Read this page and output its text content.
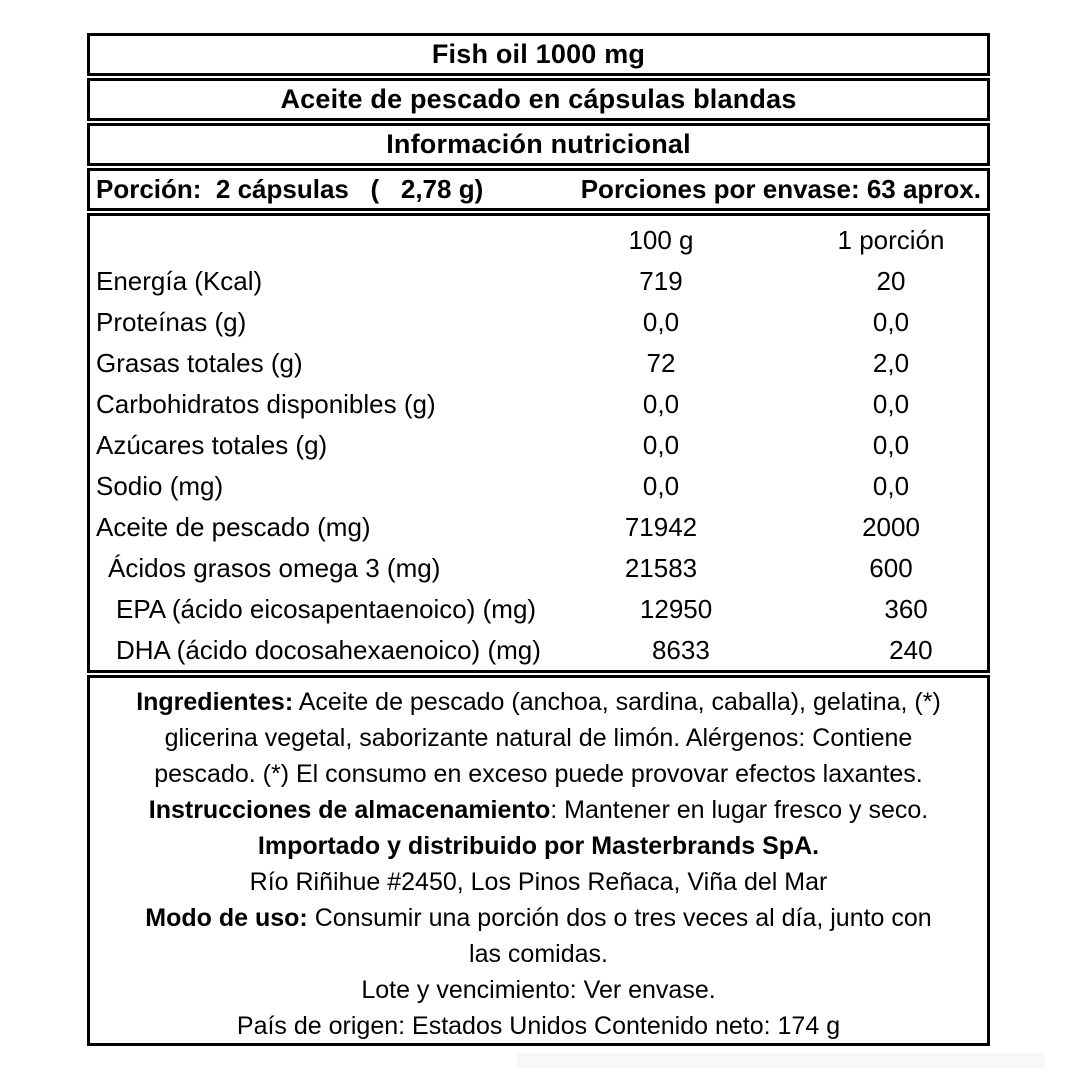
Fish oil 1000 mg
Aceite de pescado en cápsulas blandas
Información nutricional
Porción:  2 cápsulas   (   2,78 g)	Porciones por envase: 63 aprox.
100 g	1 porción
Energía (Kcal)	719	20
Proteínas (g)	0,0	0,0
Grasas totales (g)	72	2,0
Carbohidratos disponibles (g)	0,0	0,0
Azúcares totales (g)	0,0	0,0
Sodio (mg)	0,0	0,0
Aceite de pescado (mg)	71942	2000
Ácidos grasos omega 3 (mg)	21583	600
EPA (ácido eicosapentaenoico) (mg)	12950	360
DHA (ácido docosahexaenoico) (mg)	8633	240
Ingredientes: Aceite de pescado (anchoa, sardina, caballa), gelatina, (*)
glicerina vegetal, saborizante natural de limón. Alérgenos: Contiene
pescado. (*) El consumo en exceso puede provovar efectos laxantes.
Instrucciones de almacenamiento: Mantener en lugar fresco y seco.
Importado y distribuido por Masterbrands SpA.
Río Riñihue #2450, Los Pinos Reñaca, Viña del Mar
Modo de uso: Consumir una porción dos o tres veces al día, junto con
las comidas.
Lote y vencimiento: Ver envase.
País de origen: Estados Unidos Contenido neto: 174 g
